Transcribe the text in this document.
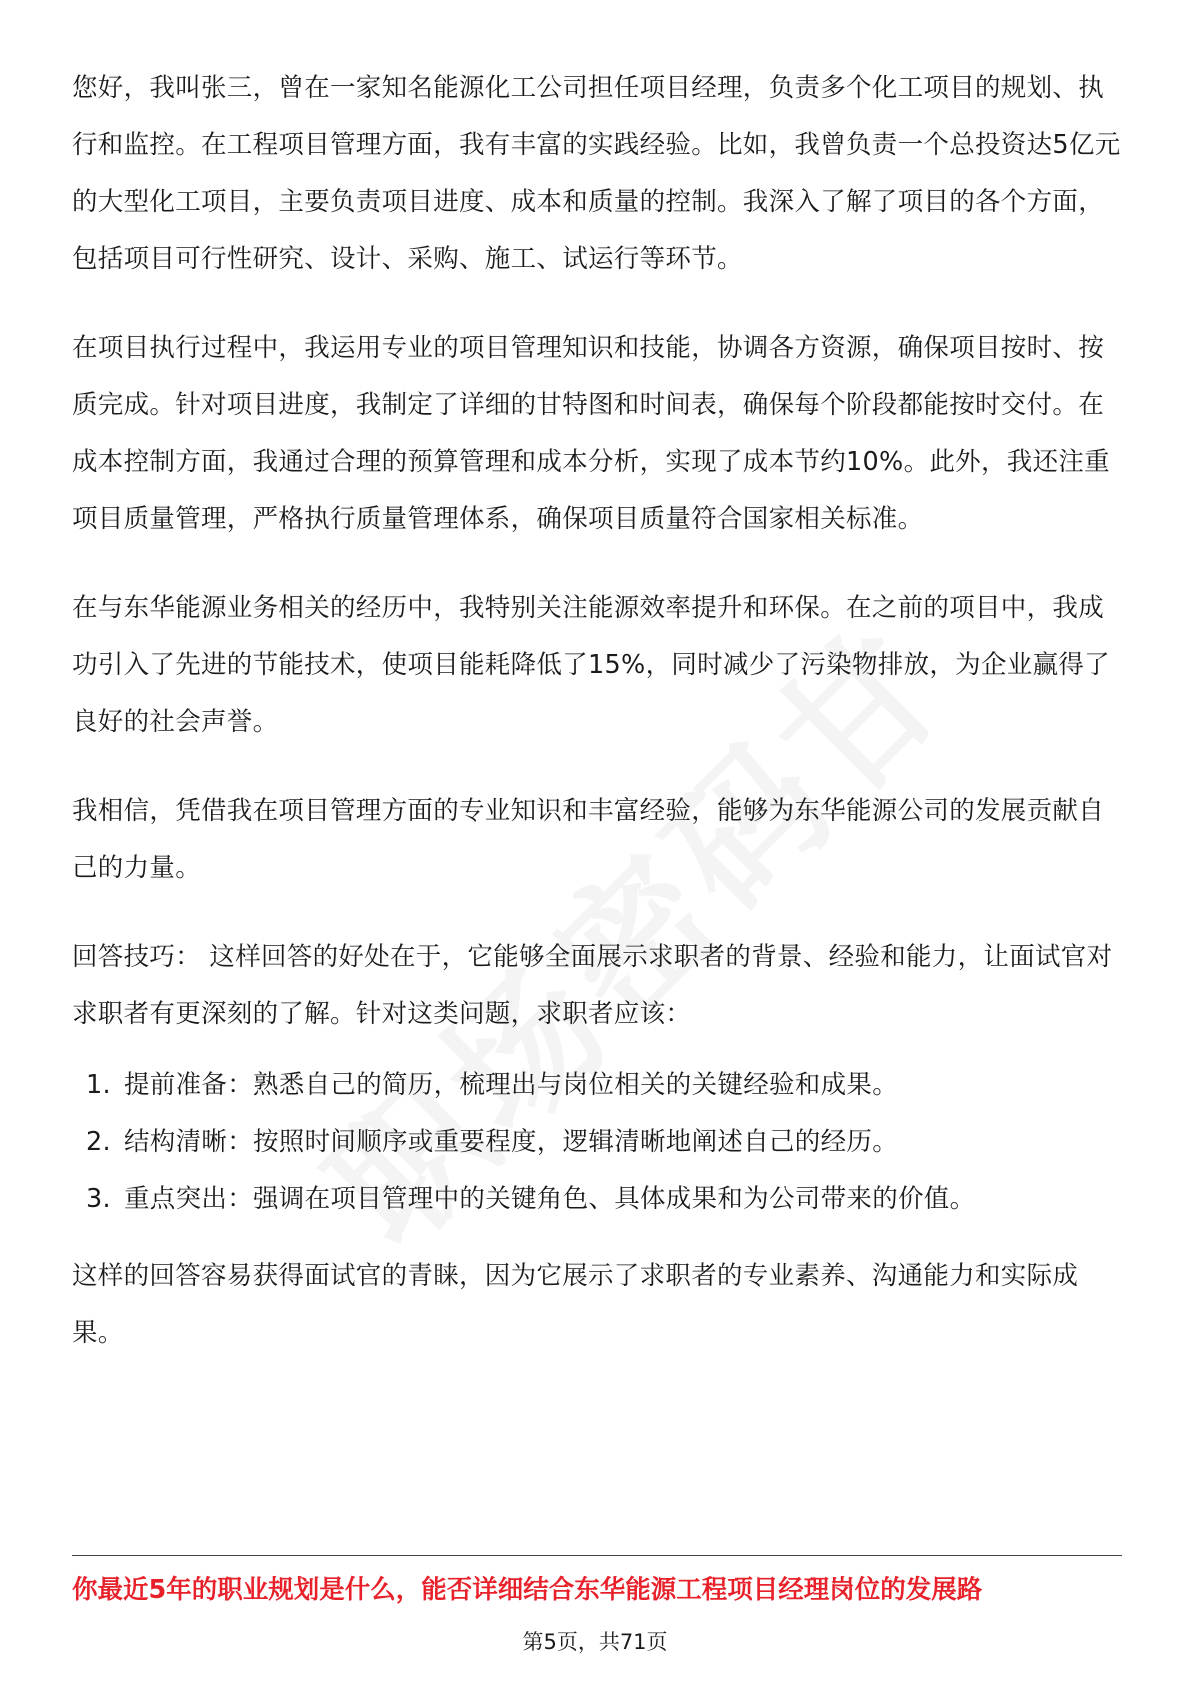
您好，我叫张三，曾在一家知名能源化工公司担任项目经理，负责多个化工项目的规划、执行和监控。在工程项目管理方面，我有丰富的实践经验。比如，我曾负责一个总投资达5亿元的大型化工项目，主要负责项目进度、成本和质量的控制。我深入了解了项目的各个方面，包括项目可行性研究、设计、采购、施工、试运行等环节。

在项目执行过程中，我运用专业的项目管理知识和技能，协调各方资源，确保项目按时、按质完成。针对项目进度，我制定了详细的甘特图和时间表，确保每个阶段都能按时交付。在成本控制方面，我通过合理的预算管理和成本分析，实现了成本节约10%。此外，我还注重项目质量管理，严格执行质量管理体系，确保项目质量符合国家相关标准。

在与东华能源业务相关的经历中，我特别关注能源效率提升和环保。在之前的项目中，我成功引入了先进的节能技术，使项目能耗降低了15%，同时减少了污染物排放，为企业赢得了良好的社会声誉。

我相信，凭借我在项目管理方面的专业知识和丰富经验，能够为东华能源公司的发展贡献自己的力量。

回答技巧： 这样回答的好处在于，它能够全面展示求职者的背景、经验和能力，让面试官对求职者有更深刻的了解。针对这类问题，求职者应该：

1. 提前准备：熟悉自己的简历，梳理出与岗位相关的关键经验和成果。
2. 结构清晰：按照时间顺序或重要程度，逻辑清晰地阐述自己的经历。
3. 重点突出：强调在项目管理中的关键角色、具体成果和为公司带来的价值。

这样的回答容易获得面试官的青睐，因为它展示了求职者的专业素养、沟通能力和实际成果。

你最近5年的职业规划是什么，能否详细结合东华能源工程项目经理岗位的发展路
第5页，共71页
